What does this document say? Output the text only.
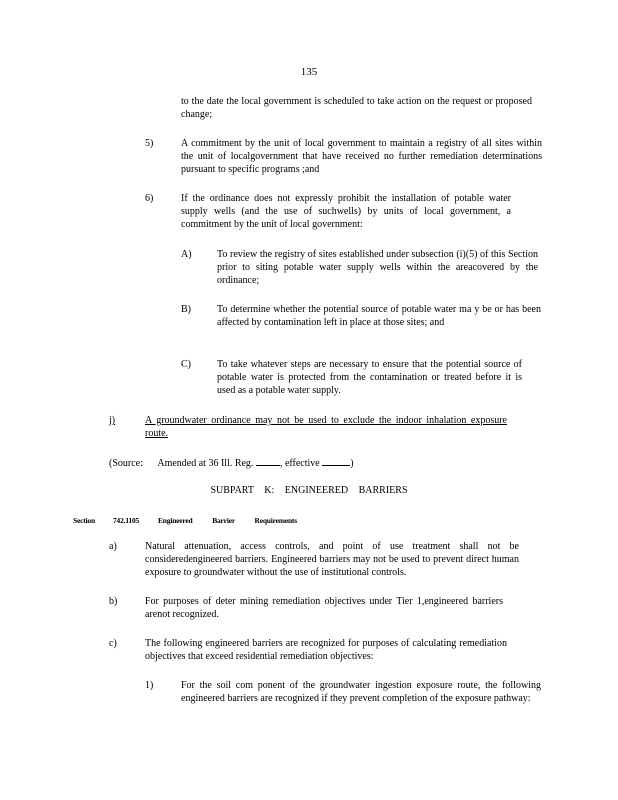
135
to the date the local government is scheduled to take action on the request or proposed change;
5)	A commitment by the unit of local government to maintain a registry of all sites within the unit of localgovernment that have received no further remediation determinations pursuant to specific programs ;and
6)	If the ordinance does not expressly prohibit the installation of potable water supply wells (and the use of suchwells) by units of local government, a commitment by the unit of local government:
A)	To review the registry of sites established under subsection (i)(5) of this Section prior to siting potable water supply wells within the areacovered by the ordinance;
B)	To determine whether the potential source of potable water ma y be or has been affected by contamination left in place at those sites; and
C)	To take whatever steps are necessary to ensure that the potential source of potable water is protected from the contamination or treated before it is used as a potable water supply.
j)	A groundwater ordinance may not be used to exclude the indoor inhalation exposure route.
(Source: Amended at 36 Ill. Reg.	, effective	)
SUBPART K: ENGINEERED BARRIERS
Section 742.1105	Engineered Barrier Requirements
a)	Natural attenuation, access controls, and point of use treatment shall not be consideredengineered barriers. Engineered barriers may not be used to prevent direct human exposure to groundwater without the use of institutional controls.
b)	For purposes of deter mining remediation objectives under Tier 1,engineered barriers arenot recognized.
c)	The following engineered barriers are recognized for purposes of calculating remediation objectives that exceed residential remediation objectives:
1)	For the soil com ponent of the groundwater ingestion exposure route, the following engineered barriers are recognized if they prevent completion of the exposure pathway:
